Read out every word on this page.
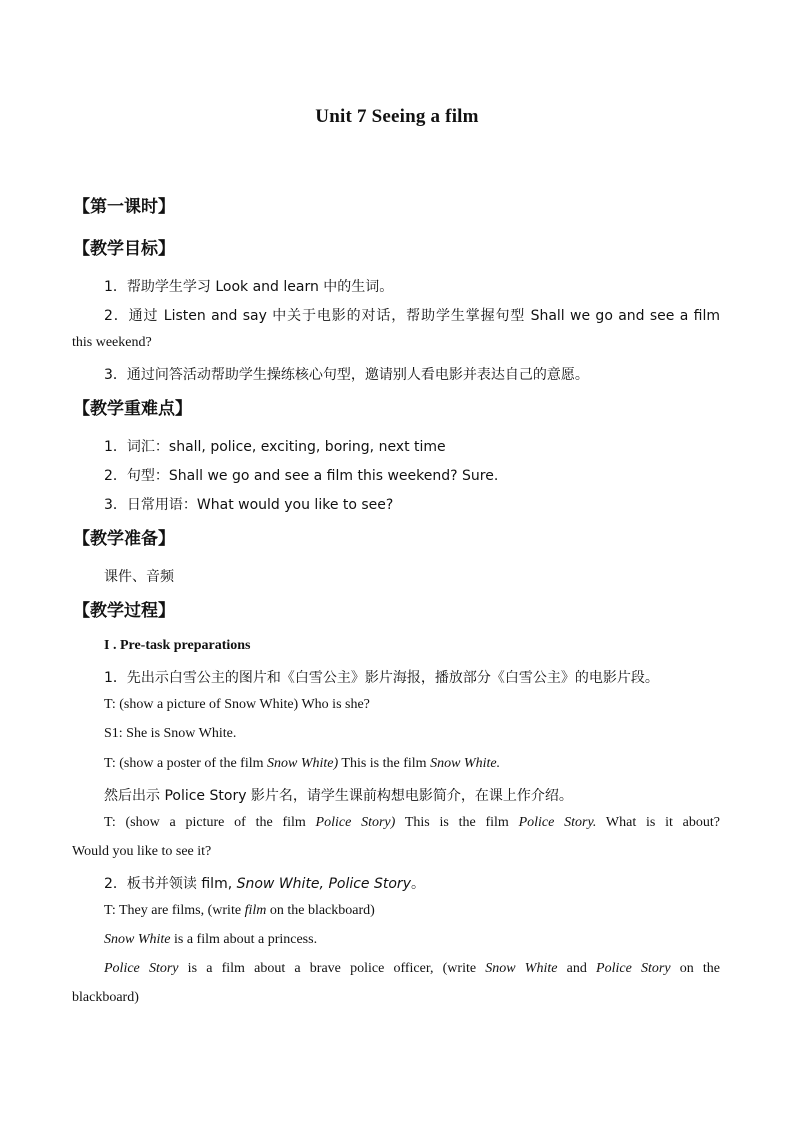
Unit 7 Seeing a film
【第一课时】
【教学目标】
1．帮助学生学习 Look and learn 中的生词。
2．通过 Listen and say 中关于电影的对话，帮助学生掌握句型 Shall we go and see a film
this weekend?
3．通过问答活动帮助学生操练核心句型，邀请别人看电影并表达自己的意愿。
【教学重难点】
1．词汇：shall, police, exciting, boring, next time
2．句型：Shall we go and see a film this weekend? Sure.
3．日常用语：What would you like to see?
【教学准备】
课件、音频
【教学过程】
I . Pre-task preparations
1．先出示白雪公主的图片和《白雪公主》影片海报，播放部分《白雪公主》的电影片段。
T: (show a picture of Snow White) Who is she?
S1: She is Snow White.
T: (show a poster of the film Snow White) This is the film Snow White.
然后出示 Police Story 影片名，请学生课前构想电影简介，在课上作介绍。
T: (show a picture of the film Police Story) This is the film Police Story. What is it about?
Would you like to see it?
2．板书并领读 film, Snow White, Police Story。
T: They are films, (write film on the blackboard)
Snow White is a film about a princess.
Police Story is a film about a brave police officer, (write Snow White and Police Story on the
blackboard)
